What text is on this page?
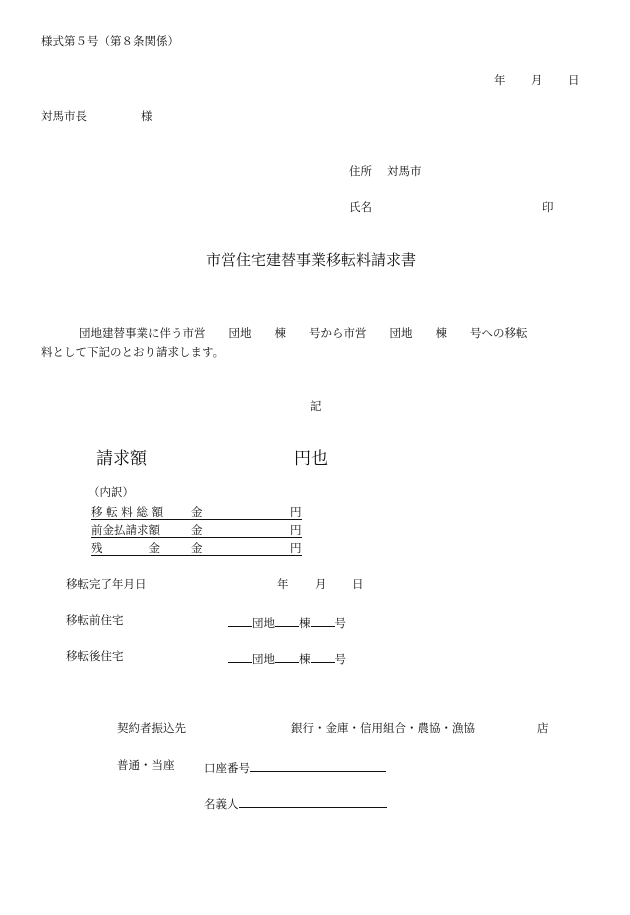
様式第５号（第８条関係）
年 月 日
対馬市長	様
住所 対馬市
氏名	印
市営住宅建替事業移転料請求書
団地建替事業に伴う市営　　団地　　棟　　号から市営　　団地　　棟　　号への移転
料として下記のとおり請求します。
記
請求額	円也
（内訳）
移 転 料 総 額 金	円
前金払請求額	金	円
残　　　　金	金	円
移転完了年月日	年 月 日
移転前住宅	団地 棟 号
移転後住宅	団地 棟 号
契約者振込先	銀行・金庫・信用組合・農協・漁協	店
普通・当座	口座番号
名義人
